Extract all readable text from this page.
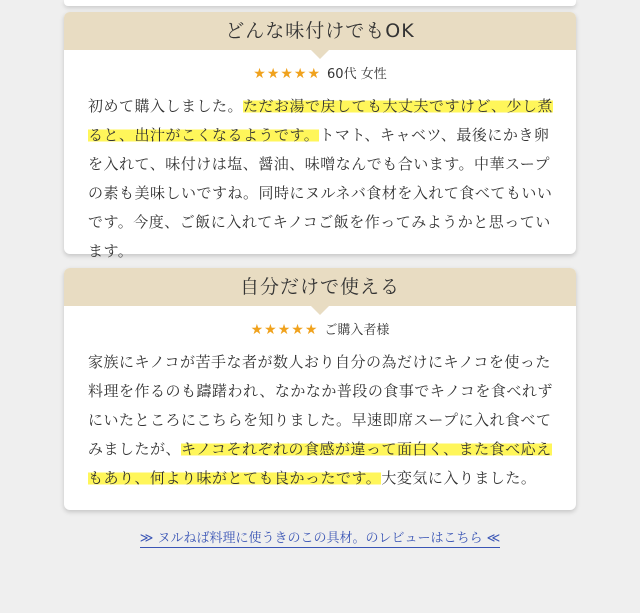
どんな味付けでもOK
★★★★★ 60代 女性
初めて購入しました。ただお湯で戻しても大丈夫ですけど、少し煮ると、出汁がこくなるようです。トマト、キャベツ、最後にかき卵を入れて、味付けは塩、醤油、味噌なんでも合います。中華スープの素も美味しいですね。同時にヌルネバ食材を入れて食べてもいいです。今度、ご飯に入れてキノコご飯を作ってみようかと思っています。
自分だけで使える
★★★★★ ご購入者様
家族にキノコが苦手な者が数人おり自分の為だけにキノコを使った料理を作るのも躊躇われ、なかなか普段の食事でキノコを食べれずにいたところにこちらを知りました。早速即席スープに入れ食べてみましたが、キノコそれぞれの食感が違って面白く、また食べ応えもあり、何より味がとても良かったです。大変気に入りました。
≫ ヌルねば料理に使うきのこの具材。のレビューはこちら ≪
